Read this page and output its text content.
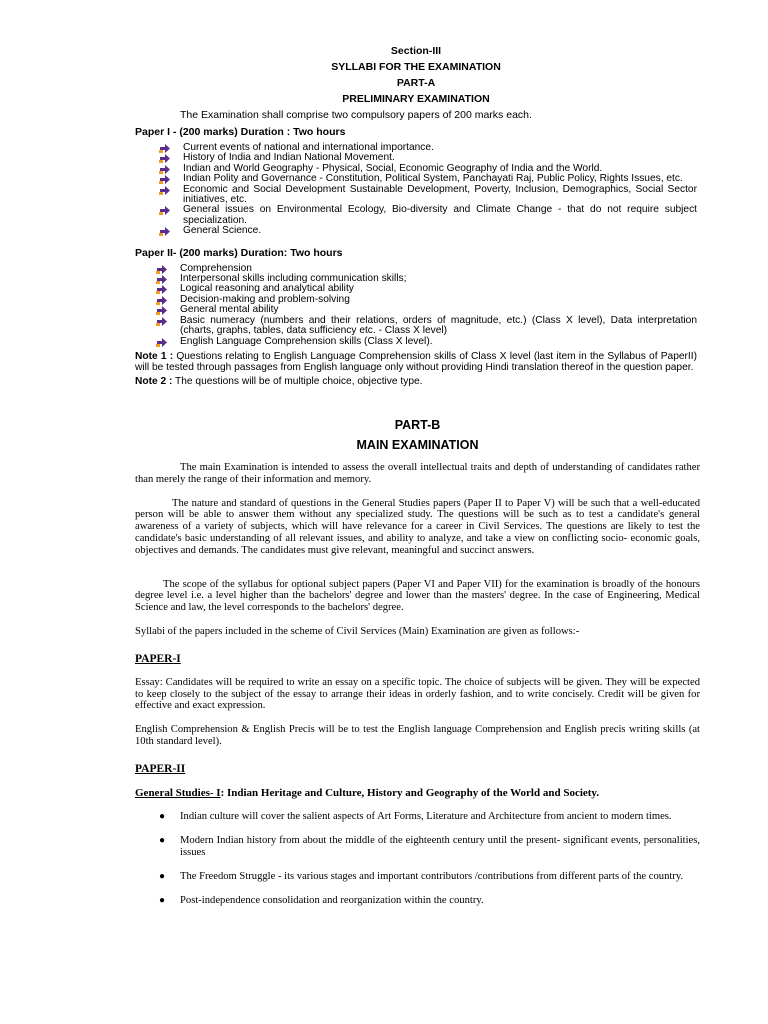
Section-III
SYLLABI FOR THE EXAMINATION
PART-A
PRELIMINARY EXAMINATION
The Examination shall comprise two compulsory papers of 200 marks each.
Paper I - (200 marks) Duration : Two hours
Current events of national and international importance.
History of India and Indian National Movement.
Indian and World Geography - Physical, Social, Economic Geography of India and the World.
Indian Polity and Governance - Constitution, Political System, Panchayati Raj, Public Policy, Rights Issues, etc.
Economic and Social Development Sustainable Development, Poverty, Inclusion, Demographics, Social Sector initiatives, etc.
General issues on Environmental Ecology, Bio-diversity and Climate Change - that do not require subject specialization.
General Science.
Paper II- (200 marks) Duration: Two hours
Comprehension
Interpersonal skills including communication skills;
Logical reasoning and analytical ability
Decision-making and problem-solving
General mental ability
Basic numeracy (numbers and their relations, orders of magnitude, etc.) (Class X level), Data interpretation (charts, graphs, tables, data sufficiency etc. - Class X level)
English Language Comprehension skills (Class X level).
Note 1 : Questions relating to English Language Comprehension skills of Class X level (last item in the Syllabus of PaperII) will be tested through passages from English language only without providing Hindi translation thereof in the question paper.
Note 2 : The questions will be of multiple choice, objective type.
PART-B
MAIN EXAMINATION
The main Examination is intended to assess the overall intellectual traits and depth of understanding of candidates rather than merely the range of their information and memory.
The nature and standard of questions in the General Studies papers (Paper II to Paper V) will be such that a well-educated person will be able to answer them without any specialized study. The questions will be such as to test a candidate's general awareness of a variety of subjects, which will have relevance for a career in Civil Services. The questions are likely to test the candidate's basic understanding of all relevant issues, and ability to analyze, and take a view on conflicting socio- economic goals, objectives and demands. The candidates must give relevant, meaningful and succinct answers.
The scope of the syllabus for optional subject papers (Paper VI and Paper VII) for the examination is broadly of the honours degree level i.e. a level higher than the bachelors' degree and lower than the masters' degree. In the case of Engineering, Medical Science and law, the level corresponds to the bachelors' degree.
Syllabi of the papers included in the scheme of Civil Services (Main) Examination are given as follows:-
PAPER-I
Essay: Candidates will be required to write an essay on a specific topic. The choice of subjects will be given. They will be expected to keep closely to the subject of the essay to arrange their ideas in orderly fashion, and to write concisely. Credit will be given for effective and exact expression.
English Comprehension & English Precis will be to test the English language Comprehension and English precis writing skills (at 10th standard level).
PAPER-II
General Studies- I: Indian Heritage and Culture, History and Geography of the World and Society.
● Indian culture will cover the salient aspects of Art Forms, Literature and Architecture from ancient to modern times.
● Modern Indian history from about the middle of the eighteenth century until the present- significant events, personalities, issues
● The Freedom Struggle - its various stages and important contributors /contributions from different parts of the country.
● Post-independence consolidation and reorganization within the country.
